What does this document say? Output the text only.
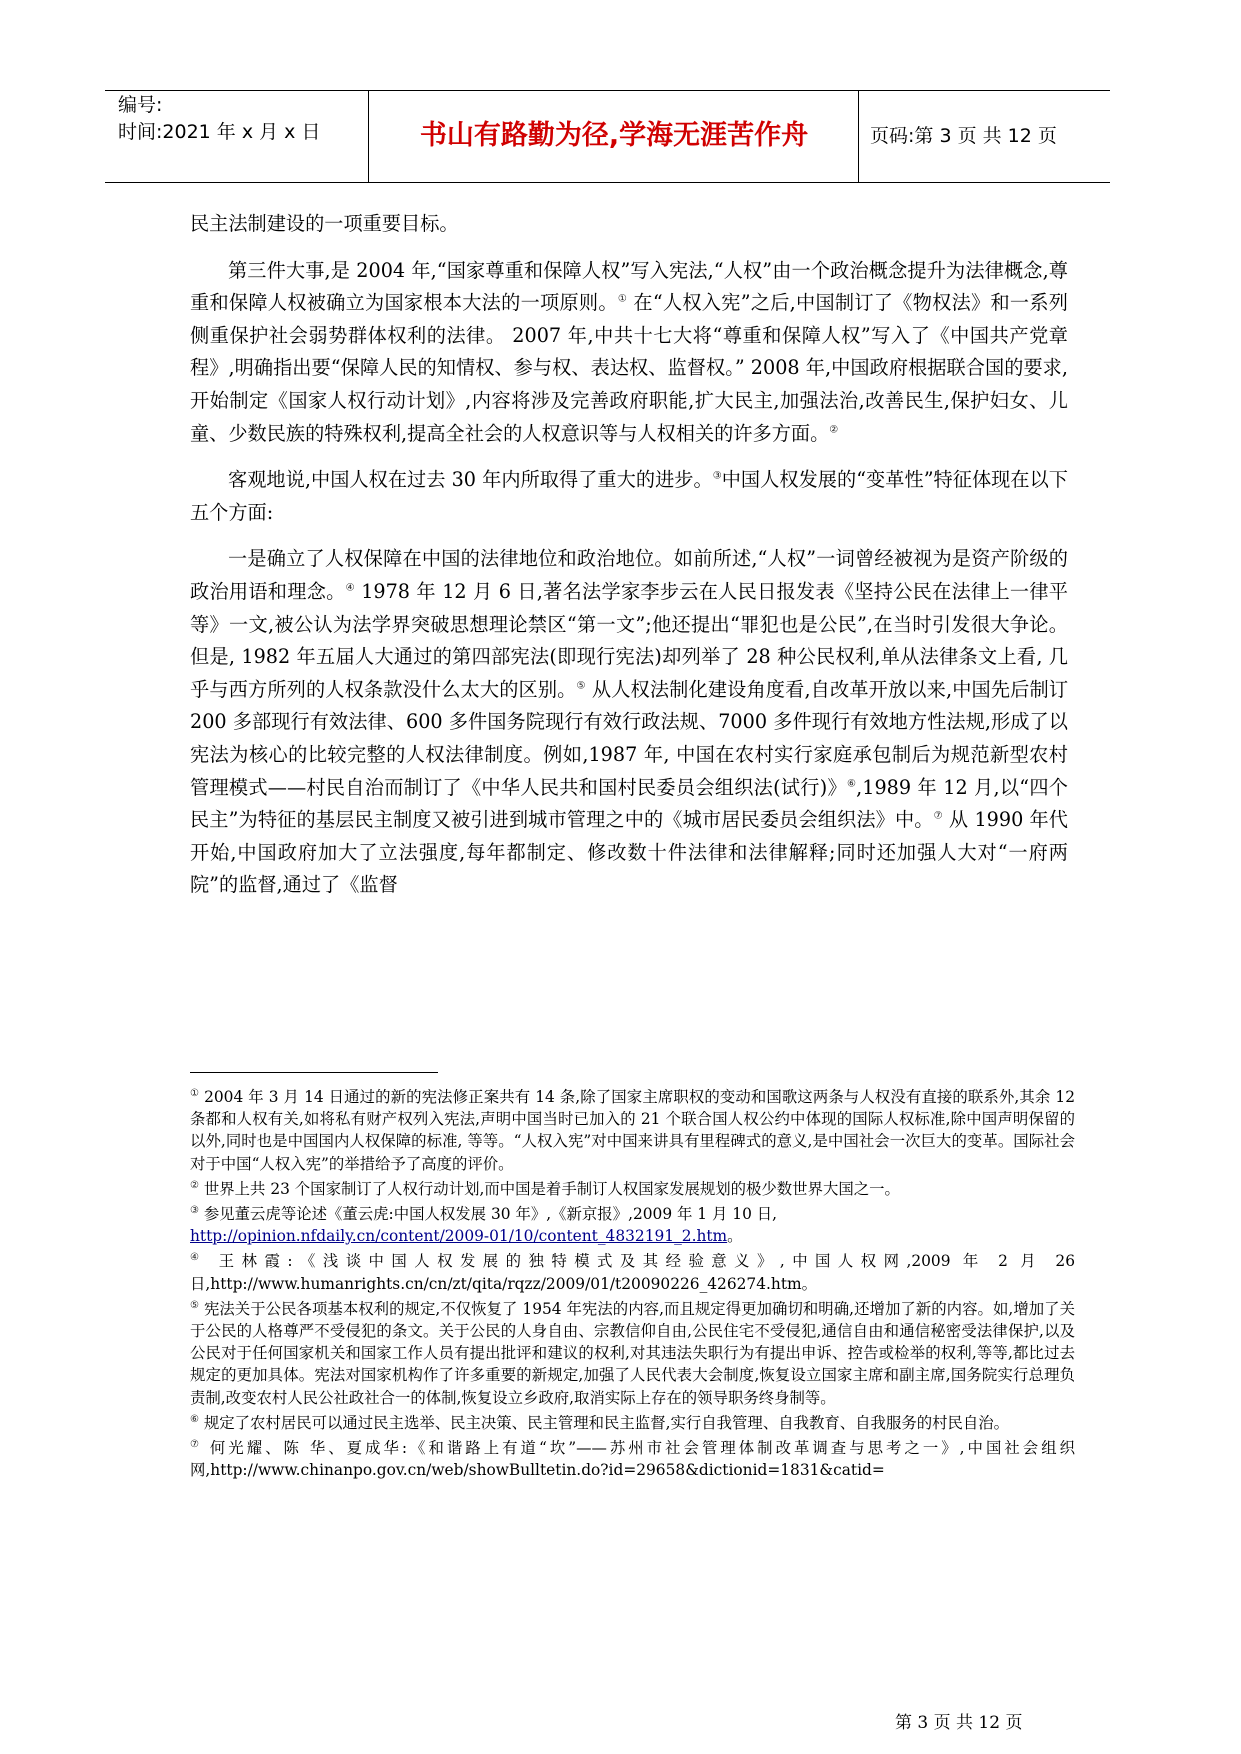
编号:
时间:2021 年 x 月 x 日	书山有路勤为径,学海无涯苦作舟	页码:第 3 页 共 12 页

民主法制建设的一项重要目标。

第三件大事,是 2004 年,“国家尊重和保障人权”写入宪法,“人权”由一个政治概念提升为法律概念,尊重和保障人权被确立为国家根本大法的一项原则。① 在“人权入宪”之后,中国制订了《物权法》和一系列侧重保护社会弱势群体权利的法律。 2007 年,中共十七大将“尊重和保障人权”写入了《中国共产党章程》,明确指出要“保障人民的知情权、参与权、表达权、监督权。” 2008 年,中国政府根据联合国的要求,开始制定《国家人权行动计划》,内容将涉及完善政府职能,扩大民主,加强法治,改善民生,保护妇女、儿童、少数民族的特殊权利,提高全社会的人权意识等与人权相关的许多方面。②

客观地说,中国人权在过去 30 年内所取得了重大的进步。③中国人权发展的“变革性”特征体现在以下五个方面:

一是确立了人权保障在中国的法律地位和政治地位。如前所述,“人权”一词曾经被视为是资产阶级的政治用语和理念。④ 1978 年 12 月 6 日,著名法学家李步云在人民日报发表《坚持公民在法律上一律平等》一文,被公认为法学界突破思想理论禁区“第一文”;他还提出“罪犯也是公民”,在当时引发很大争论。但是, 1982 年五届人大通过的第四部宪法(即现行宪法)却列举了 28 种公民权利,单从法律条文上看, 几乎与西方所列的人权条款没什么太大的区别。⑤ 从人权法制化建设角度看,自改革开放以来,中国先后制订 200 多部现行有效法律、600 多件国务院现行有效行政法规、7000 多件现行有效地方性法规,形成了以宪法为核心的比较完整的人权法律制度。例如,1987 年, 中国在农村实行家庭承包制后为规范新型农村管理模式——村民自治而制订了《中华人民共和国村民委员会组织法(试行)》⑥,1989 年 12 月,以“四个民主”为特征的基层民主制度又被引进到城市管理之中的《城市居民委员会组织法》中。⑦ 从 1990 年代开始,中国政府加大了立法强度,每年都制定、修改数十件法律和法律解释;同时还加强人大对“一府两院”的监督,通过了《监督

① 2004 年 3 月 14 日通过的新的宪法修正案共有 14 条,除了国家主席职权的变动和国歌这两条与人权没有直接的联系外,其余 12 条都和人权有关,如将私有财产权列入宪法,声明中国当时已加入的 21 个联合国人权公约中体现的国际人权标准,除中国声明保留的以外,同时也是中国国内人权保障的标准, 等等。“人权入宪”对中国来讲具有里程碑式的意义,是中国社会一次巨大的变革。国际社会对于中国“人权入宪”的举措给予了高度的评价。
② 世界上共 23 个国家制订了人权行动计划,而中国是着手制订人权国家发展规划的极少数世界大国之一。
③ 参见董云虎等论述《董云虎:中国人权发展 30 年》,《新京报》,2009 年 1 月 10 日,
http://opinion.nfdaily.cn/content/2009-01/10/content_4832191_2.htm。
④ 王林霞:《浅谈中国人权发展的独特模式及其经验意义》,中国人权网,2009 年 2 月 26 日,http://www.humanrights.cn/cn/zt/qita/rqzz/2009/01/t20090226_426274.htm。
⑤ 宪法关于公民各项基本权利的规定,不仅恢复了 1954 年宪法的内容,而且规定得更加确切和明确,还增加了新的内容。如,增加了关于公民的人格尊严不受侵犯的条文。关于公民的人身自由、宗教信仰自由,公民住宅不受侵犯,通信自由和通信秘密受法律保护,以及公民对于任何国家机关和国家工作人员有提出批评和建议的权利,对其违法失职行为有提出申诉、控告或检举的权利,等等,都比过去规定的更加具体。宪法对国家机构作了许多重要的新规定,加强了人民代表大会制度,恢复设立国家主席和副主席,国务院实行总理负责制,改变农村人民公社政社合一的体制,恢复设立乡政府,取消实际上存在的领导职务终身制等。
⑥ 规定了农村居民可以通过民主选举、民主决策、民主管理和民主监督,实行自我管理、自我教育、自我服务的村民自治。
⑦ 何光耀、陈 华、夏成华:《和谐路上有道“坎”——苏州市社会管理体制改革调查与思考之一》,中国社会组织网,http://www.chinanpo.gov.cn/web/showBulltetin.do?id=29658&dictionid=1831&catid=
第 3 页 共 12 页
